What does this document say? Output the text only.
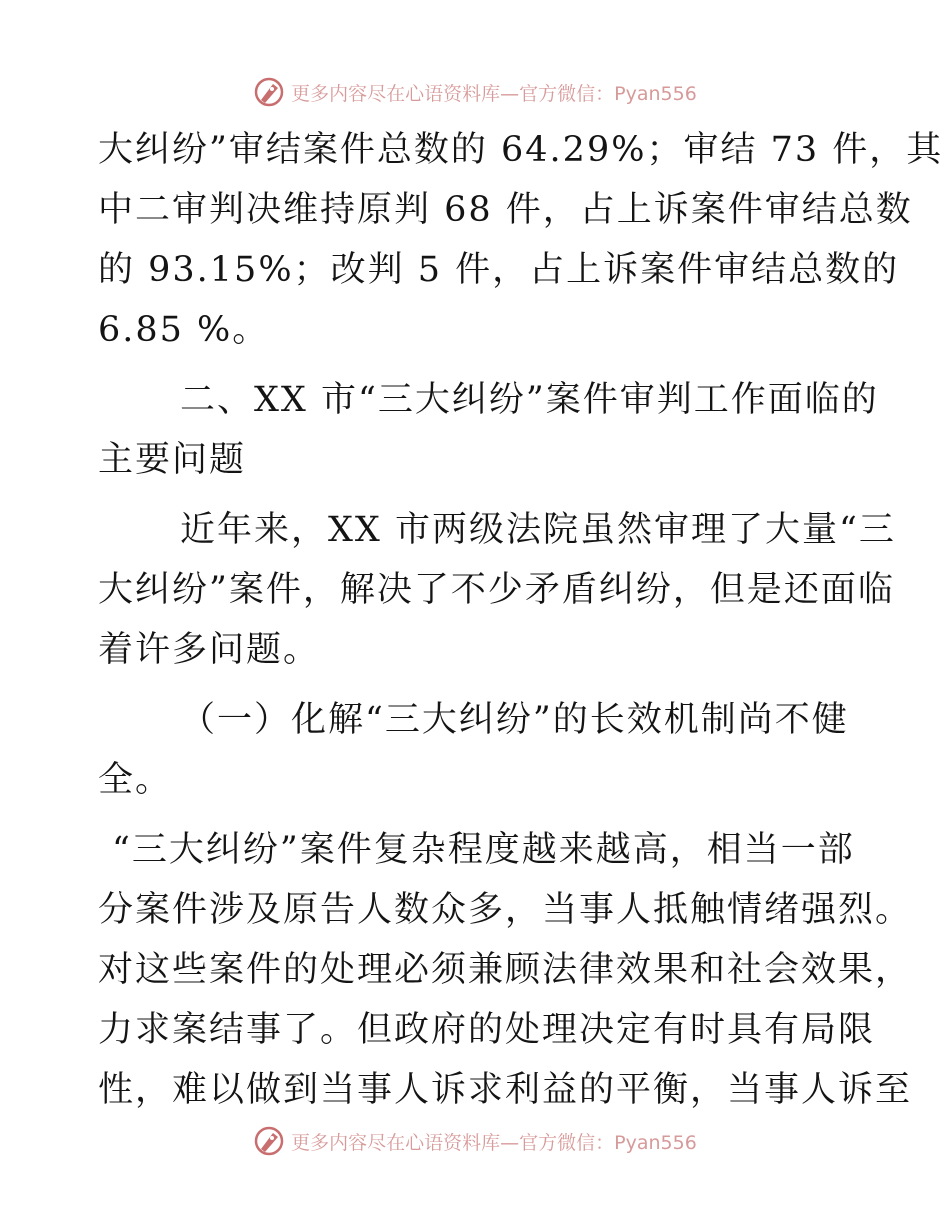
更多内容尽在心语资料库—官方微信：Pyan556
大纠纷”审结案件总数的 64.29%；审结 73 件，其
中二审判决维持原判 68 件，占上诉案件审结总数
的 93.15%；改判 5 件，占上诉案件审结总数的
6.85 %。
二、XX 市“三大纠纷”案件审判工作面临的
主要问题
近年来，XX 市两级法院虽然审理了大量“三
大纠纷”案件，解决了不少矛盾纠纷，但是还面临
着许多问题。
（一）化解“三大纠纷”的长效机制尚不健
全。
“三大纠纷”案件复杂程度越来越高，相当一部
分案件涉及原告人数众多，当事人抵触情绪强烈。
对这些案件的处理必须兼顾法律效果和社会效果，
力求案结事了。但政府的处理决定有时具有局限
性，难以做到当事人诉求利益的平衡，当事人诉至
更多内容尽在心语资料库—官方微信：Pyan556
